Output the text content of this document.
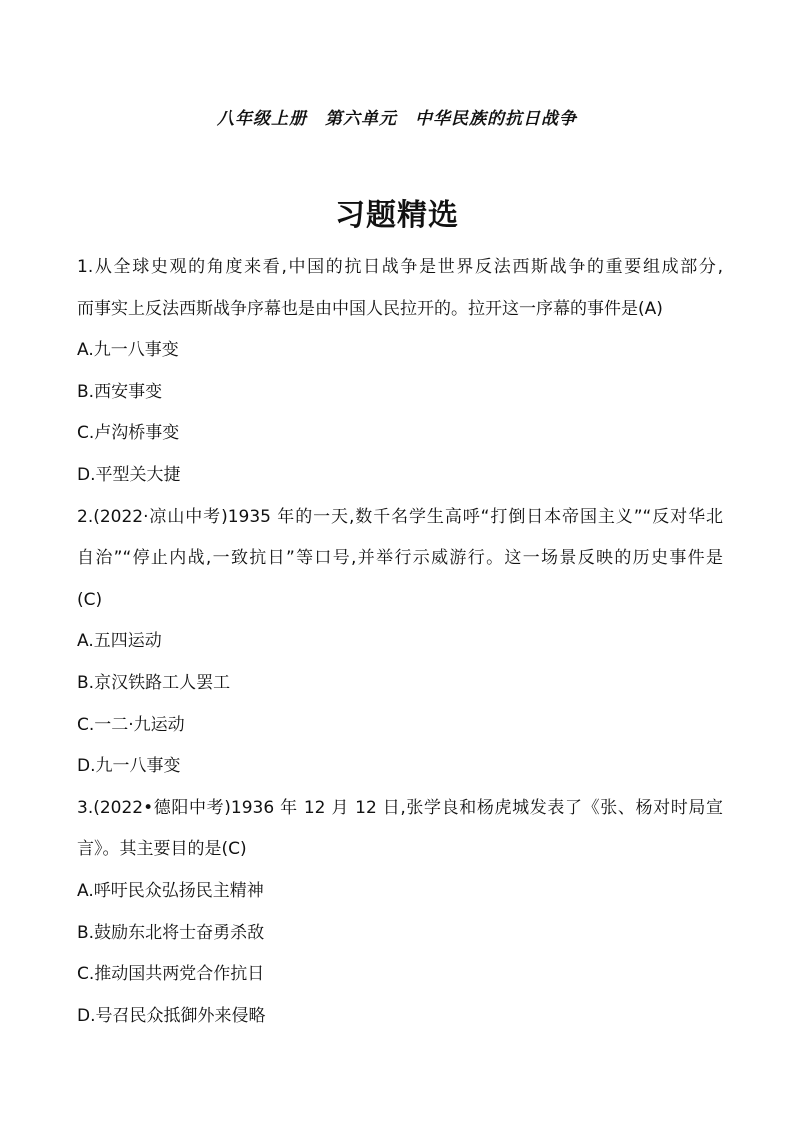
八年级上册　第六单元　中华民族的抗日战争
习题精选
1.从全球史观的角度来看,中国的抗日战争是世界反法西斯战争的重要组成部分,
而事实上反法西斯战争序幕也是由中国人民拉开的。拉开这一序幕的事件是(A)
A.九一八事变
B.西安事变
C.卢沟桥事变
D.平型关大捷
2.(2022·凉山中考)1935 年的一天,数千名学生高呼“打倒日本帝国主义”“反对华北
自治”“停止内战,一致抗日”等口号,并举行示威游行。这一场景反映的历史事件是
(C)
A.五四运动
B.京汉铁路工人罢工
C.一二·九运动
D.九一八事变
3.(2022•德阳中考)1936 年 12 月 12 日,张学良和杨虎城发表了《张、杨对时局宣
言》。其主要目的是(C)
A.呼吁民众弘扬民主精神
B.鼓励东北将士奋勇杀敌
C.推动国共两党合作抗日
D.号召民众抵御外来侵略
